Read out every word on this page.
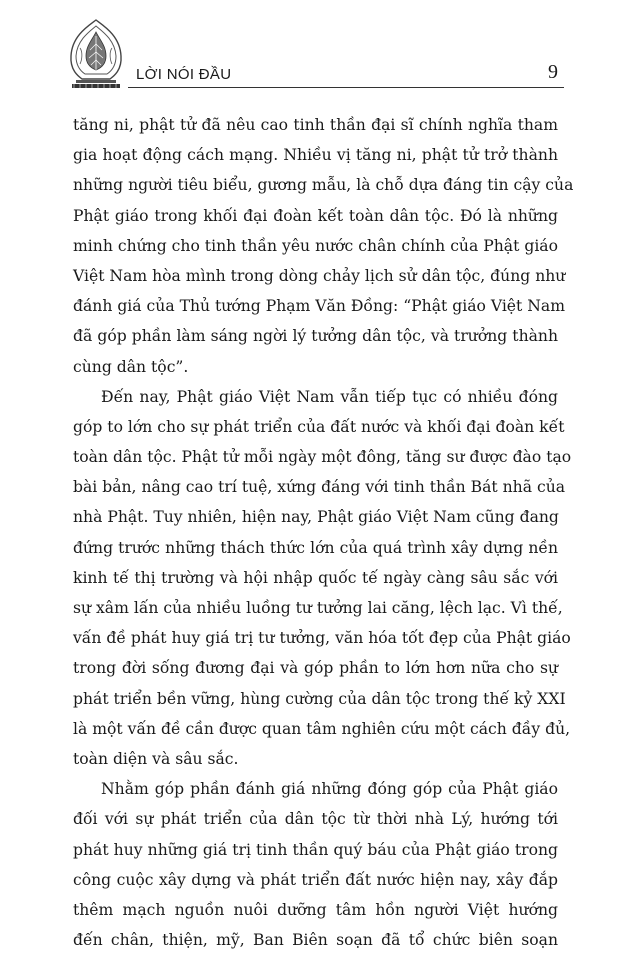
LỜI NÓI ĐẦU	9
tăng ni, phật tử đã nêu cao tinh thần đại sĩ chính nghĩa tham
gia hoạt động cách mạng. Nhiều vị tăng ni, phật tử trở thành
những người tiêu biểu, gương mẫu, là chỗ dựa đáng tin cậy của
Phật giáo trong khối đại đoàn kết toàn dân tộc. Đó là những
minh chứng cho tinh thần yêu nước chân chính của Phật giáo
Việt Nam hòa mình trong dòng chảy lịch sử dân tộc, đúng như
đánh giá của Thủ tướng Phạm Văn Đồng: “Phật giáo Việt Nam
đã góp phần làm sáng ngời lý tưởng dân tộc, và trưởng thành
cùng dân tộc”.
Đến nay, Phật giáo Việt Nam vẫn tiếp tục có nhiều đóng
góp to lớn cho sự phát triển của đất nước và khối đại đoàn kết
toàn dân tộc. Phật tử mỗi ngày một đông, tăng sư được đào tạo
bài bản, nâng cao trí tuệ, xứng đáng với tinh thần Bát nhã của
nhà Phật. Tuy nhiên, hiện nay, Phật giáo Việt Nam cũng đang
đứng trước những thách thức lớn của quá trình xây dựng nền
kinh tế thị trường và hội nhập quốc tế ngày càng sâu sắc với
sự xâm lấn của nhiều luồng tư tưởng lai căng, lệch lạc. Vì thế,
vấn đề phát huy giá trị tư tưởng, văn hóa tốt đẹp của Phật giáo
trong đời sống đương đại và góp phần to lớn hơn nữa cho sự
phát triển bền vững, hùng cường của dân tộc trong thế kỷ XXI
là một vấn đề cần được quan tâm nghiên cứu một cách đầy đủ,
toàn diện và sâu sắc.
Nhằm góp phần đánh giá những đóng góp của Phật giáo
đối với sự phát triển của dân tộc từ thời nhà Lý, hướng tới
phát huy những giá trị tinh thần quý báu của Phật giáo trong
công cuộc xây dựng và phát triển đất nước hiện nay, xây đắp
thêm mạch nguồn nuôi dưỡng tâm hồn người Việt hướng
đến chân, thiện, mỹ, Ban Biên soạn đã tổ chức biên soạn
